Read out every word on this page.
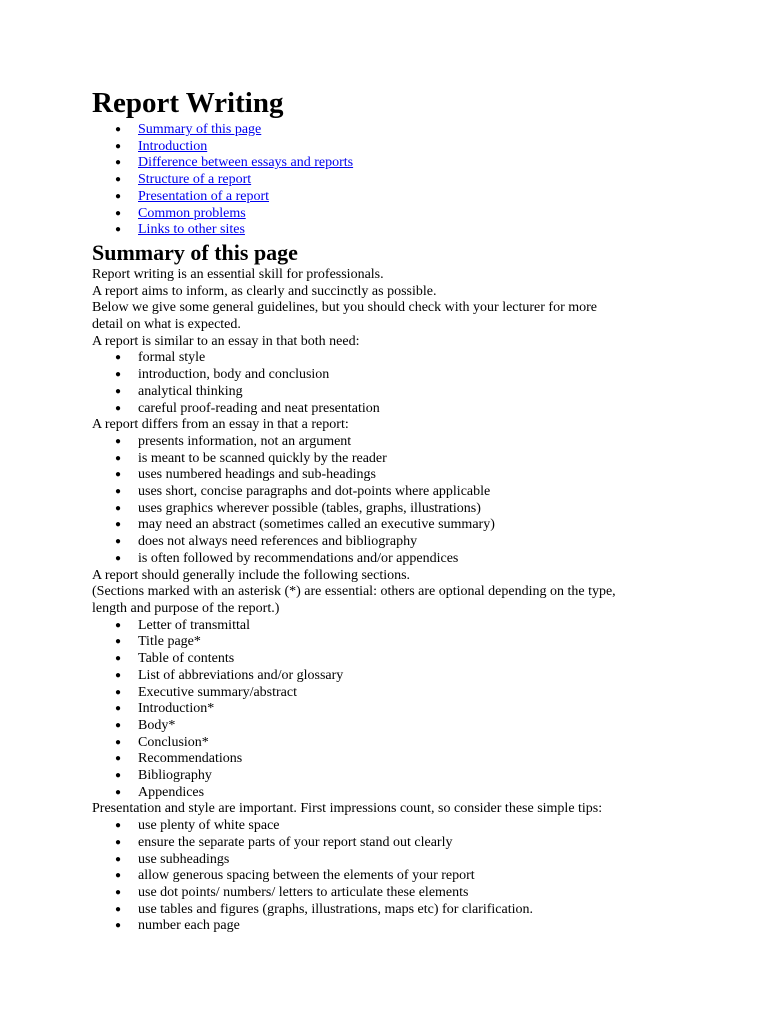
Report Writing
● Summary of this page
● Introduction
● Difference between essays and reports
● Structure of a report
● Presentation of a report
● Common problems
● Links to other sites
Summary of this page

Report writing is an essential skill for professionals.

A report aims to inform, as clearly and succinctly as possible.

Below we give some general guidelines, but you should check with your lecturer for more

detail on what is expected.

A report is similar to an essay in that both need:

● formal style
● introduction, body and conclusion
● analytical thinking
● careful proof-reading and neat presentation

A report differs from an essay in that a report:

● presents information, not an argument
● is meant to be scanned quickly by the reader
● uses numbered headings and sub-headings
● uses short, concise paragraphs and dot-points where applicable
● uses graphics wherever possible (tables, graphs, illustrations)
● may need an abstract (sometimes called an executive summary)
● does not always need references and bibliography
● is often followed by recommendations and/or appendices

A report should generally include the following sections.

(Sections marked with an asterisk (*) are essential: others are optional depending on the type,

length and purpose of the report.)

● Letter of transmittal
● Title page*
● Table of contents
● List of abbreviations and/or glossary
● Executive summary/abstract
● Introduction*
● Body*
● Conclusion*
● Recommendations
● Bibliography
● Appendices

Presentation and style are important. First impressions count, so consider these simple tips:

● use plenty of white space
● ensure the separate parts of your report stand out clearly
● use subheadings
● allow generous spacing between the elements of your report
● use dot points/ numbers/ letters to articulate these elements
● use tables and figures (graphs, illustrations, maps etc) for clarification.
● number each page
